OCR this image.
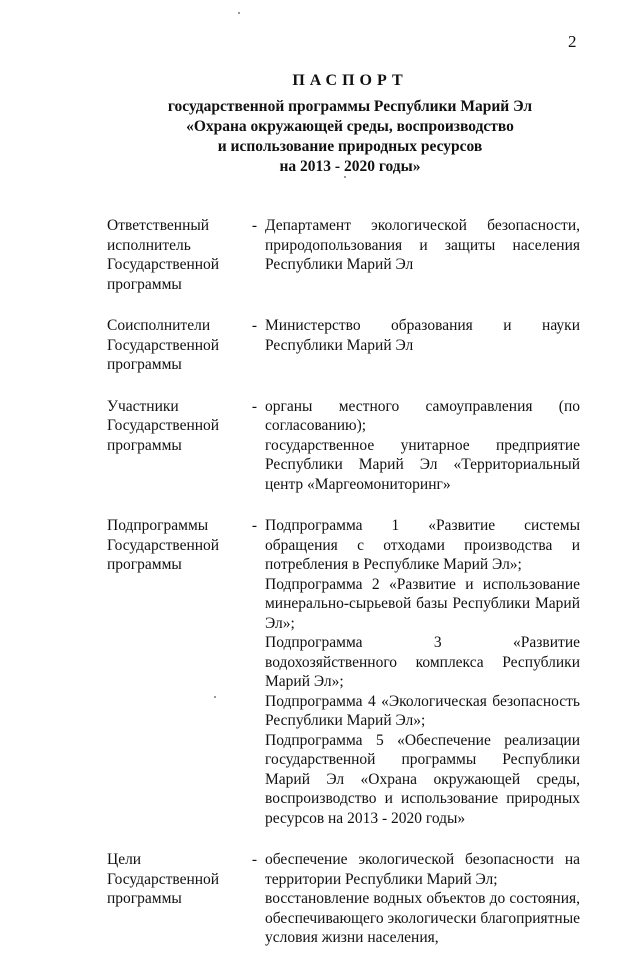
2
ПАСПОРТ
государственной программы Республики Марий Эл
«Охрана окружающей среды, воспроизводство
и использование природных ресурсов
на 2013 - 2020 годы»
Ответственный исполнитель Государственной программы
- Департамент экологической безопасности, природопользования и защиты населения Республики Марий Эл
Соисполнители Государственной программы
- Министерство образования и науки Республики Марий Эл
Участники Государственной программы
- органы местного самоуправления (по согласованию);
государственное унитарное предприятие Республики Марий Эл «Территориальный центр «Маргеомониторинг»
Подпрограммы Государственной программы
- Подпрограмма 1 «Развитие системы обращения с отходами производства и потребления в Республике Марий Эл»;
Подпрограмма 2 «Развитие и использование минерально-сырьевой базы Республики Марий Эл»;
Подпрограмма 3 «Развитие водохозяйственного комплекса Республики Марий Эл»;
Подпрограмма 4 «Экологическая безопасность Республики Марий Эл»;
Подпрограмма 5 «Обеспечение реализации государственной программы Республики Марий Эл «Охрана окружающей среды, воспроизводство и использование природных ресурсов на 2013 - 2020 годы»
Цели Государственной программы
- обеспечение экологической безопасности на территории Республики Марий Эл;
восстановление водных объектов до состояния, обеспечивающего экологически благоприятные условия жизни населения,
